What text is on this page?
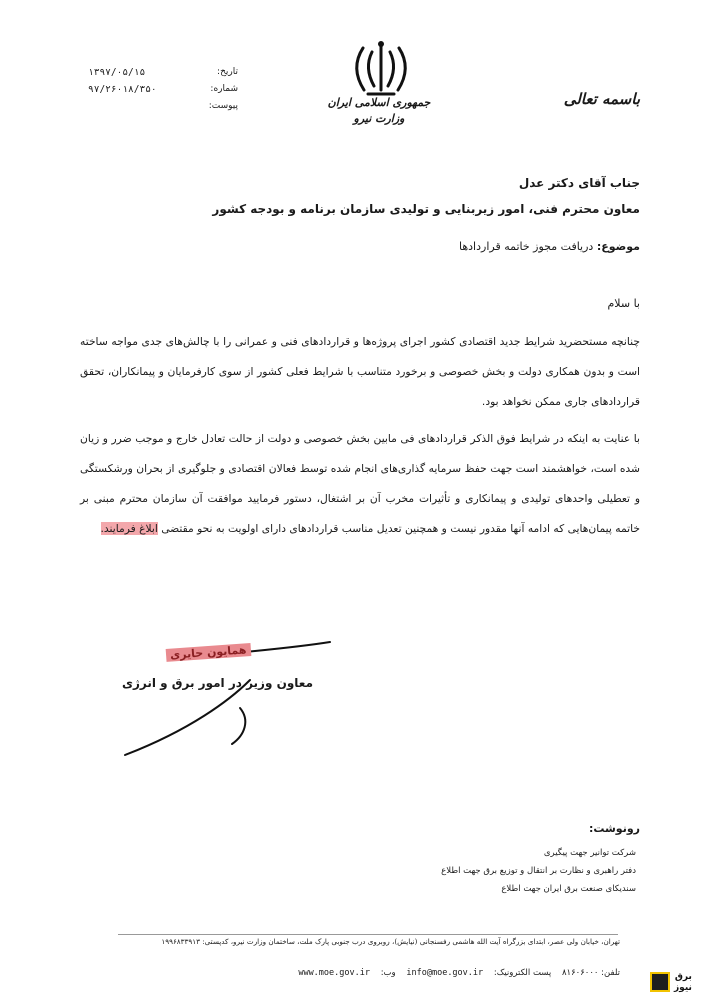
جمهوری اسلامی ایران
وزارت نیرو
باسمه تعالی
تاریخ:
شماره:
پیوست:
۱۳۹۷/۰۵/۱۵
۹۷/۲۶۰۱۸/۳۵۰
جناب آقای دکتر عدل
معاون محترم فنی، امور زیربنایی و تولیدی سازمان برنامه و بودجه کشور
موضوع: دریافت مجوز خاتمه قراردادها
با سلام
چنانچه مستحضرید شرایط جدید اقتصادی کشور اجرای پروژه‌ها و قراردادهای فنی و عمرانی را با چالش‌های جدی مواجه ساخته است و بدون همکاری دولت و بخش خصوصی و برخورد متناسب با شرایط فعلی کشور از سوی کارفرمایان و پیمانکاران، تحقق قراردادهای جاری ممکن نخواهد بود.
با عنایت به اینکه در شرایط فوق الذکر قراردادهای فی مابین بخش خصوصی و دولت از حالت تعادل خارج و موجب ضرر و زیان شده است، خواهشمند است جهت حفظ سرمایه گذاری‌های انجام شده توسط فعالان اقتصادی و جلوگیری از بحران ورشکستگی و تعطیلی واحدهای تولیدی و پیمانکاری و تأثیرات مخرب آن بر اشتغال، دستور فرمایید موافقت آن سازمان محترم مبنی بر خاتمه پیمان‌هایی که ادامه آنها مقدور نیست و همچنین تعدیل مناسب قراردادهای دارای اولویت به نحو مقتضی ابلاغ فرمایند.
همایون حایری
معاون وزیر در امور برق و انرژی
رونوشت:
شرکت توانیر جهت پیگیری
دفتر راهبری و نظارت بر انتقال و توزیع برق جهت اطلاع
سندیکای صنعت برق ایران جهت اطلاع
تهران، خیابان ولی عصر، ابتدای بزرگراه آیت الله هاشمی رفسنجانی (نیایش)، روبروی درب جنوبی پارک ملت، ساختمان وزارت نیرو، کدپستی: ۱۹۹۶۸۳۳۹۱۳
تلفن: ۸۱۶۰۶۰۰۰ پست الکترونیک: info@moe.gov.ir وب: www.moe.gov.ir	برق
نیوز
